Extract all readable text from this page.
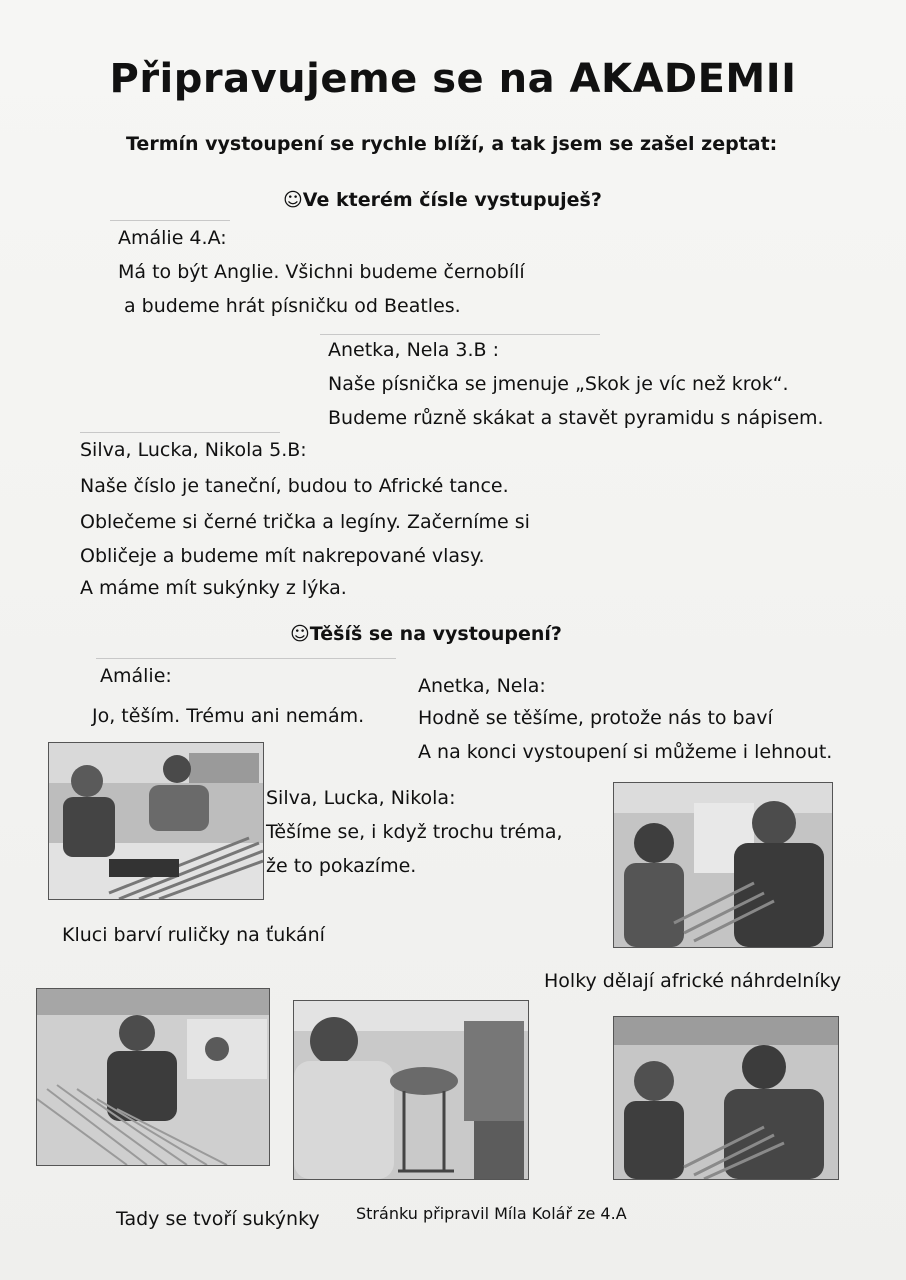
Připravujeme se na AKADEMII
Termín vystoupení se rychle blíží, a tak jsem se zašel zeptat:
☺Ve kterém čísle vystupuješ?
Amálie 4.A:
Má to být Anglie. Všichni budeme černobílí
a budeme hrát písničku od Beatles.
Anetka, Nela 3.B :
Naše písnička se jmenuje „Skok je víc než krok“.
Budeme různě skákat a stavět pyramidu s nápisem.
Silva, Lucka, Nikola 5.B:
Naše číslo je taneční, budou to Africké tance.
Oblečeme si černé trička a legíny. Začerníme si
Obličeje a budeme mít nakrepované vlasy.
A máme mít sukýnky z lýka.
☺Těšíš se na vystoupení?
Amálie:
Jo, těším. Trému ani nemám.
Anetka, Nela:
Hodně se těšíme, protože nás to baví
A na konci vystoupení si můžeme i lehnout.
Silva, Lucka, Nikola:
Těšíme se, i když trochu tréma,
že to pokazíme.
Kluci barví ruličky na ťukání
Holky dělají africké náhrdelníky
Tady se tvoří sukýnky Stránku připravil Míla Kolář ze 4.A
